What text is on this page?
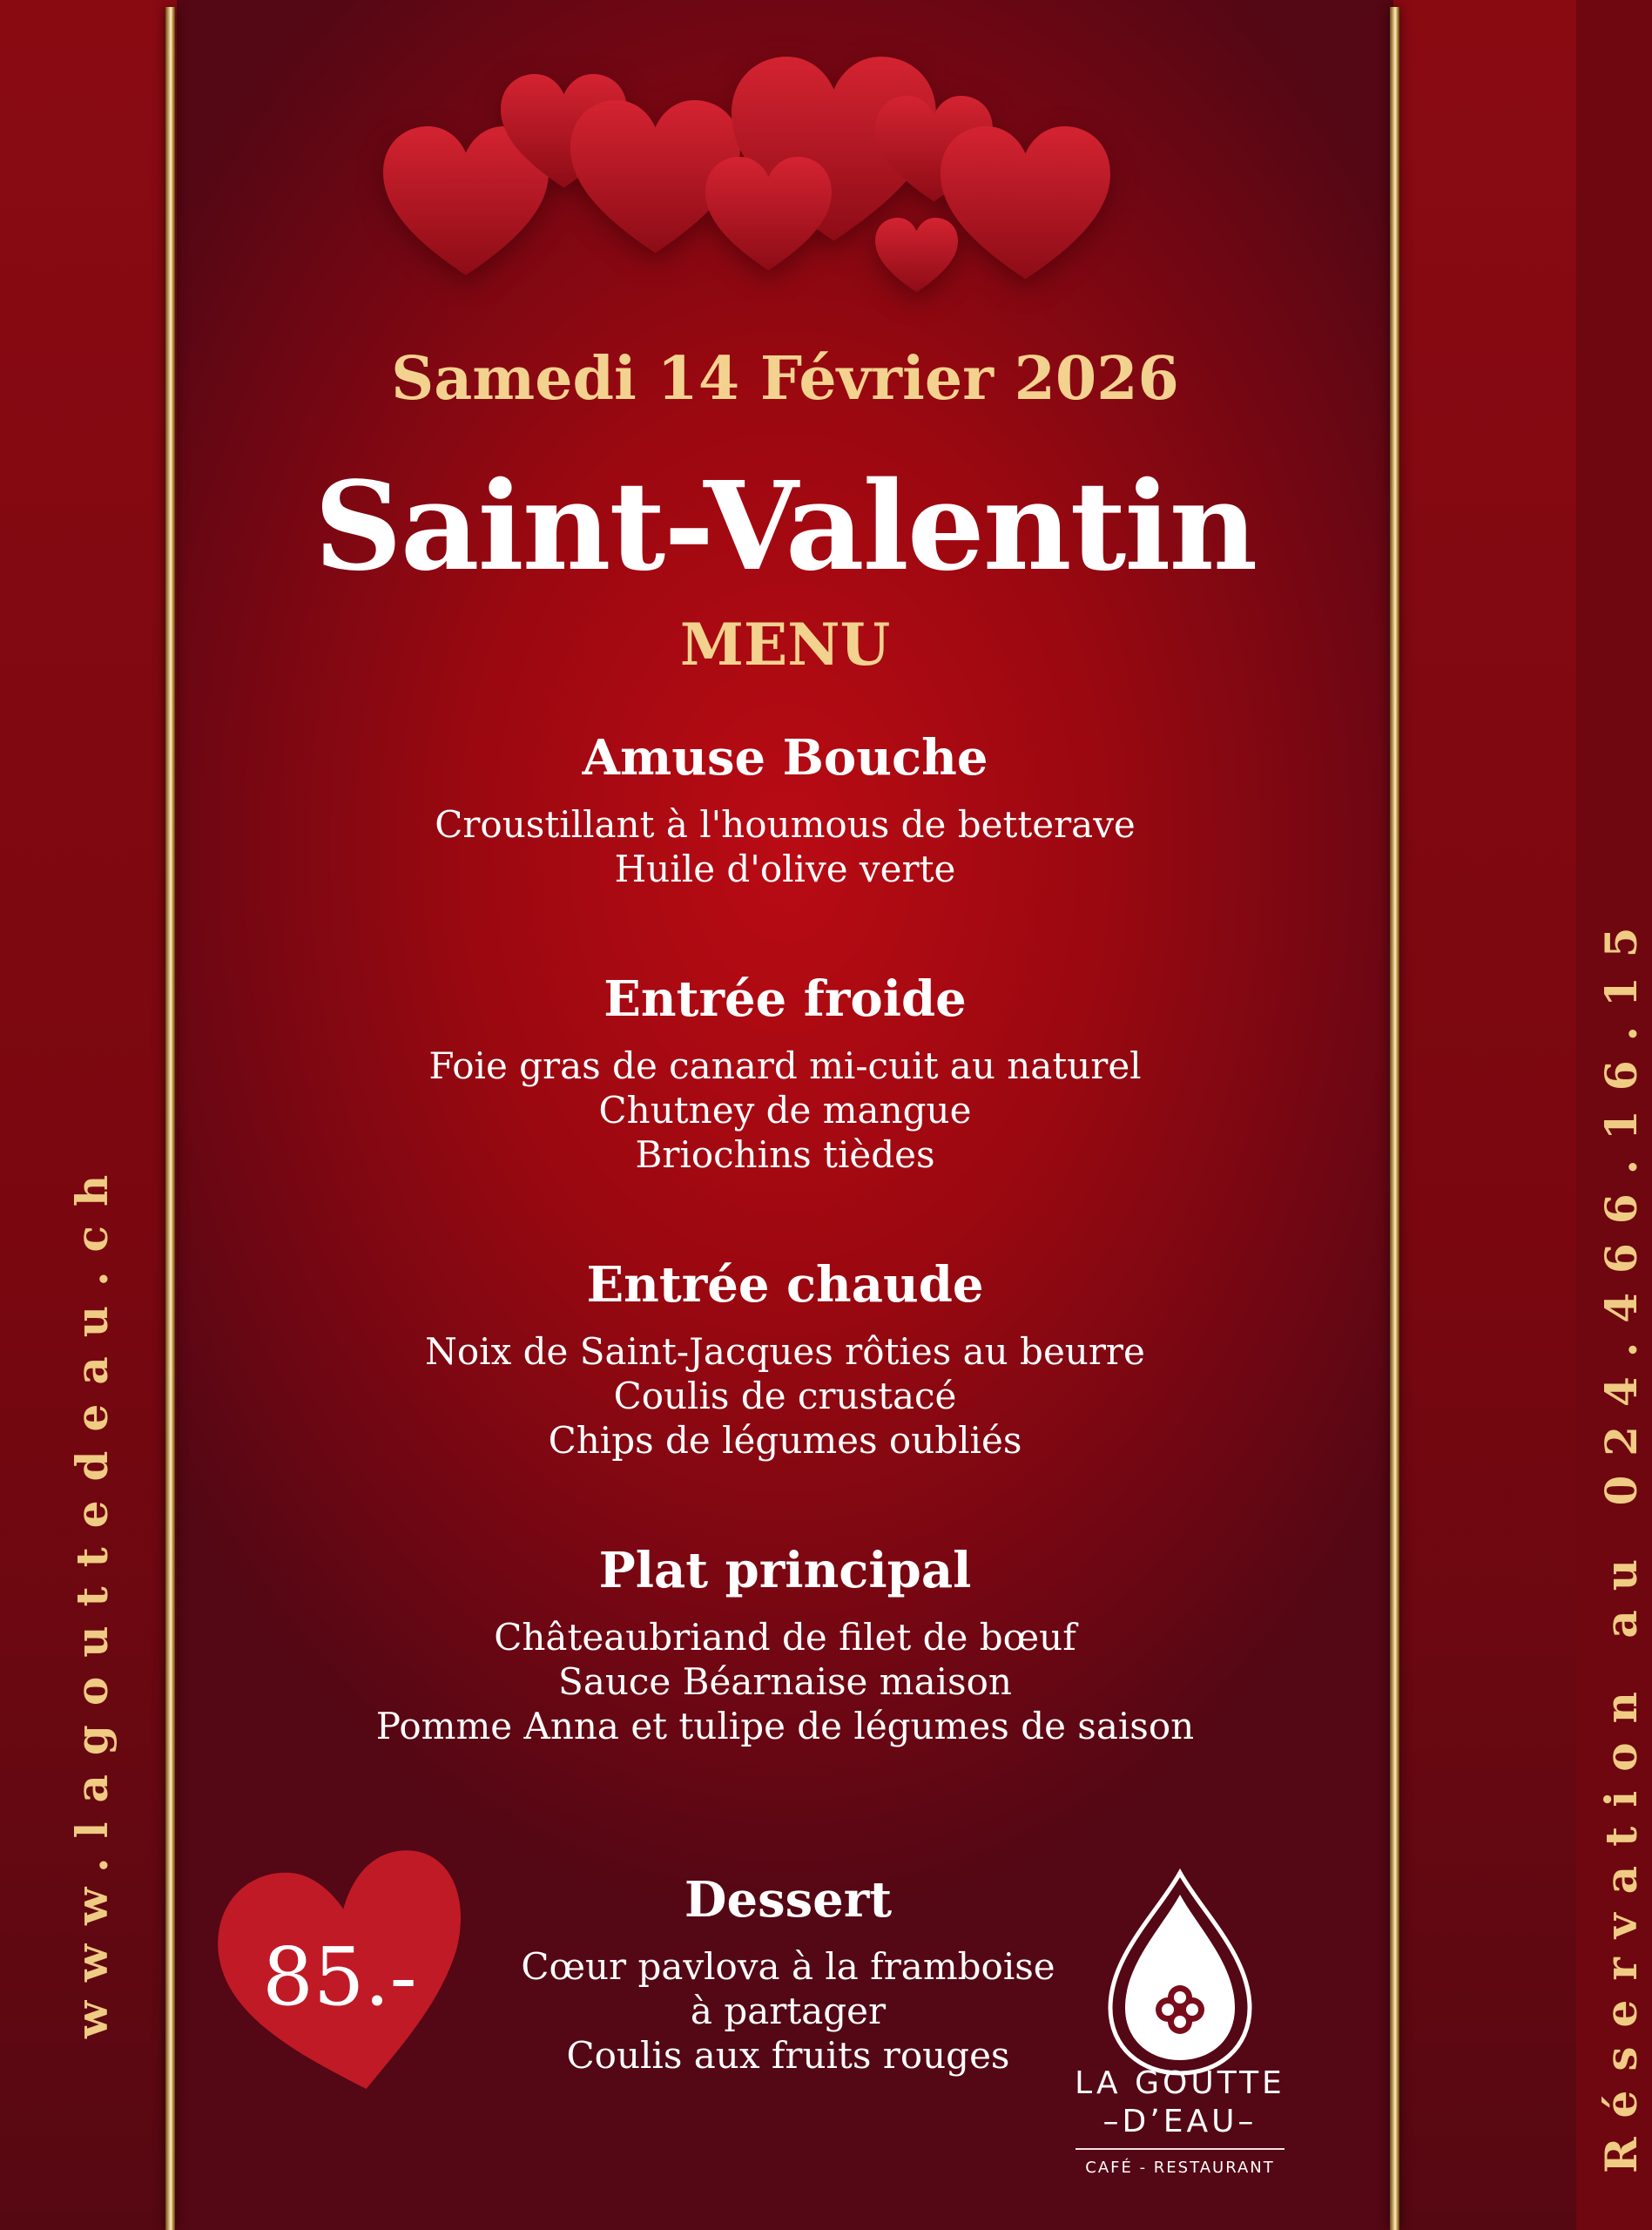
Samedi 14 Février 2026
Saint-Valentin
MENU
Amuse Bouche
Croustillant à l'houmous de betterave
Huile d'olive verte
Entrée froide
Foie gras de canard mi-cuit au naturel
Chutney de mangue
Briochins tièdes
Entrée chaude
Noix de Saint-Jacques rôties au beurre
Coulis de crustacé
Chips de légumes oubliés
Plat principal
Châteaubriand de filet de bœuf
Sauce Béarnaise maison
Pomme Anna et tulipe de légumes de saison
Dessert
Cœur pavlova à la framboise
à partager
Coulis aux fruits rouges
85.-
www.lagouttedeau.ch	Réservation au 024.466.16.15
LA GOUTTE
–D’EAU–
CAFÉ - RESTAURANT
